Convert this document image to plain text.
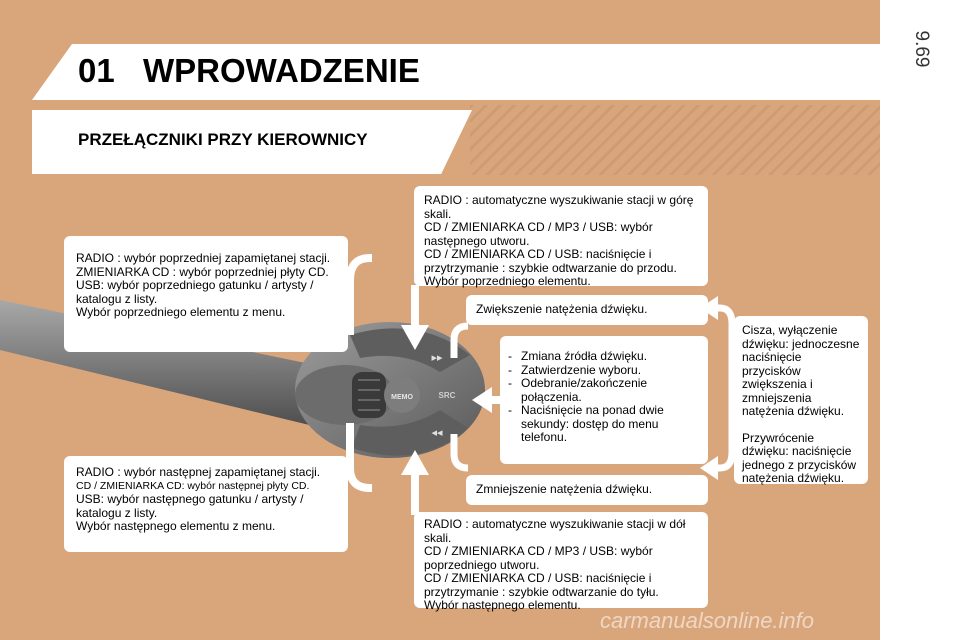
9.69
01 WPROWADZENIE
PRZEŁĄCZNIKI PRZY KIEROWNICY
MEMO	SRC
▸▸
◂◂

RADIO : wybór poprzedniej zapamiętanej stacji.

ZMIENIARKA CD : wybór poprzedniej płyty CD.

USB: wybór poprzedniego gatunku / artysty / katalogu z listy.

Wybór poprzedniego elementu z menu.

RADIO : wybór następnej zapamiętanej stacji.

CD / ZMIENIARKA CD: wybór następnej płyty CD.

USB: wybór następnego gatunku / artysty / katalogu z listy.

Wybór następnego elementu z menu.

RADIO : automatyczne wyszukiwanie stacji w górę skali.

CD / ZMIENIARKA CD / MP3 / USB: wybór następnego utworu.

CD / ZMIENIARKA CD / USB: naciśnięcie i przytrzymanie : szybkie odtwarzanie do przodu.

Wybór poprzedniego elementu.

Zwiększenie natężenia dźwięku.

- Zmiana źródła dźwięku.
- Zatwierdzenie wyboru.
- Odebranie/zakończenie połączenia.
- Naciśnięcie na ponad dwie sekundy: dostęp do menu telefonu.

Zmniejszenie natężenia dźwięku.

Cisza, wyłączenie dźwięku: jednoczesne naciśnięcie przycisków zwiększenia i zmniejszenia natężenia dźwięku.

Przywrócenie dźwięku: naciśnięcie jednego z przycisków natężenia dźwięku.

RADIO : automatyczne wyszukiwanie stacji w dół skali.

CD / ZMIENIARKA CD / MP3 / USB: wybór poprzedniego utworu.

CD / ZMIENIARKA CD / USB: naciśnięcie i przytrzymanie : szybkie odtwarzanie do tyłu.

Wybór następnego elementu.

carmanualsonline.info
